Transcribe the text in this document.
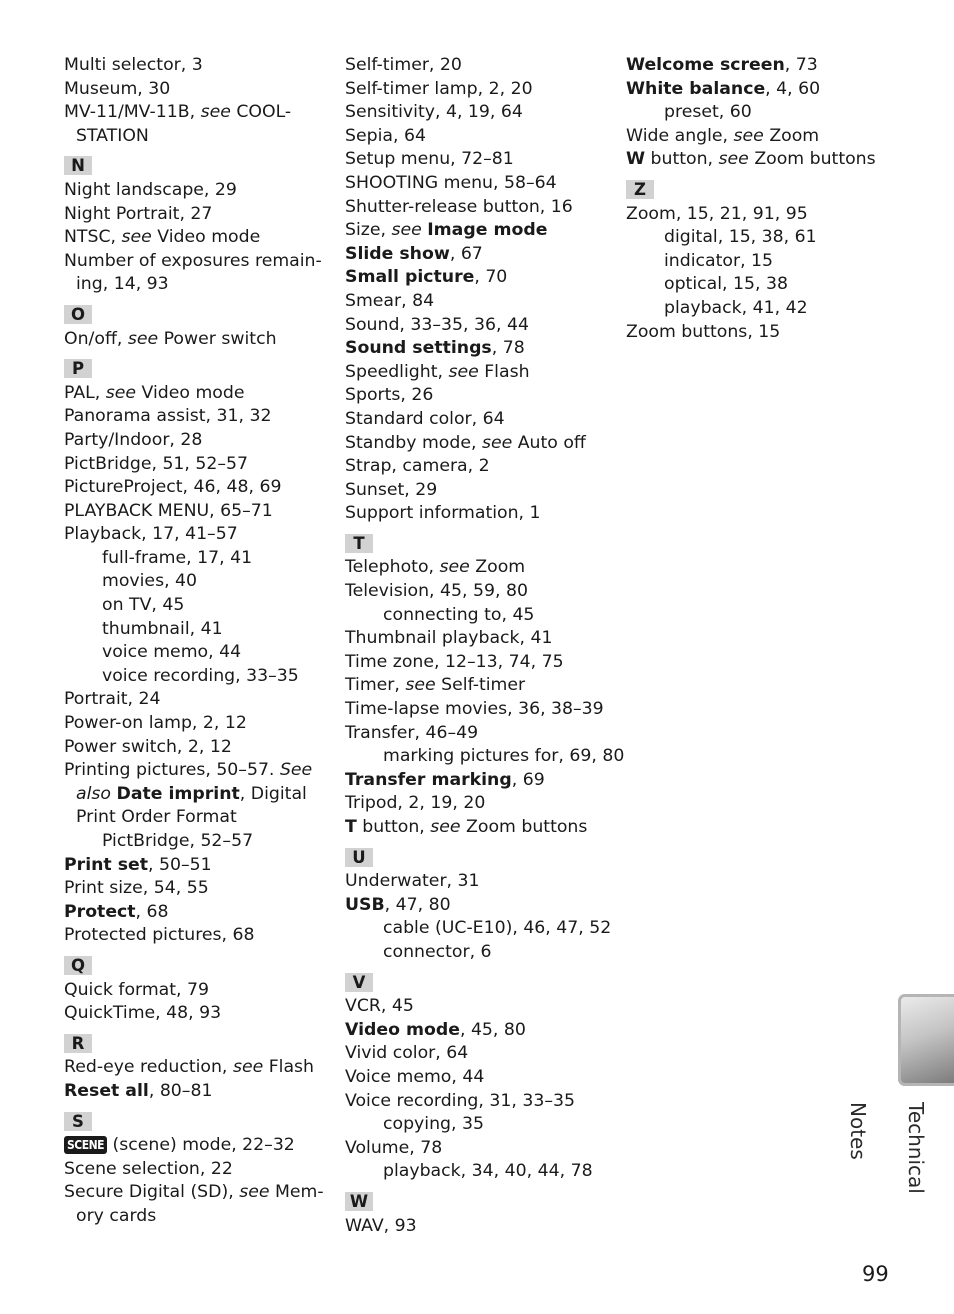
Multi selector, 3
Museum, 30
MV-11/MV-11B, see COOL-
STATION
N
Night landscape, 29
Night Portrait, 27
NTSC, see Video mode
Number of exposures remain-
ing, 14, 93
O
On/off, see Power switch
P
PAL, see Video mode
Panorama assist, 31, 32
Party/Indoor, 28
PictBridge, 51, 52–57
PictureProject, 46, 48, 69
PLAYBACK MENU, 65–71
Playback, 17, 41–57
full-frame, 17, 41
movies, 40
on TV, 45
thumbnail, 41
voice memo, 44
voice recording, 33–35
Portrait, 24
Power-on lamp, 2, 12
Power switch, 2, 12
Printing pictures, 50–57. See
also Date imprint, Digital
Print Order Format
PictBridge, 52–57
Print set, 50–51
Print size, 54, 55
Protect, 68
Protected pictures, 68
Q
Quick format, 79
QuickTime, 48, 93
R
Red-eye reduction, see Flash
Reset all, 80–81
S
SCENE (scene) mode, 22–32
Scene selection, 22
Secure Digital (SD), see Mem-
ory cards
Self-timer, 20
Self-timer lamp, 2, 20
Sensitivity, 4, 19, 64
Sepia, 64
Setup menu, 72–81
SHOOTING menu, 58–64
Shutter-release button, 16
Size, see Image mode
Slide show, 67
Small picture, 70
Smear, 84
Sound, 33–35, 36, 44
Sound settings, 78
Speedlight, see Flash
Sports, 26
Standard color, 64
Standby mode, see Auto off
Strap, camera, 2
Sunset, 29
Support information, 1
T
Telephoto, see Zoom
Television, 45, 59, 80
connecting to, 45
Thumbnail playback, 41
Time zone, 12–13, 74, 75
Timer, see Self-timer
Time-lapse movies, 36, 38–39
Transfer, 46–49
marking pictures for, 69, 80
Transfer marking, 69
Tripod, 2, 19, 20
T button, see Zoom buttons
U
Underwater, 31
USB, 47, 80
cable (UC-E10), 46, 47, 52
connector, 6
V
VCR, 45
Video mode, 45, 80
Vivid color, 64
Voice memo, 44
Voice recording, 31, 33–35
copying, 35
Volume, 78
playback, 34, 40, 44, 78
W
WAV, 93
Welcome screen, 73
White balance, 4, 60
preset, 60
Wide angle, see Zoom
W button, see Zoom buttons
Z
Zoom, 15, 21, 91, 95
digital, 15, 38, 61
indicator, 15
optical, 15, 38
playback, 41, 42
Zoom buttons, 15
Technical Notes
99
